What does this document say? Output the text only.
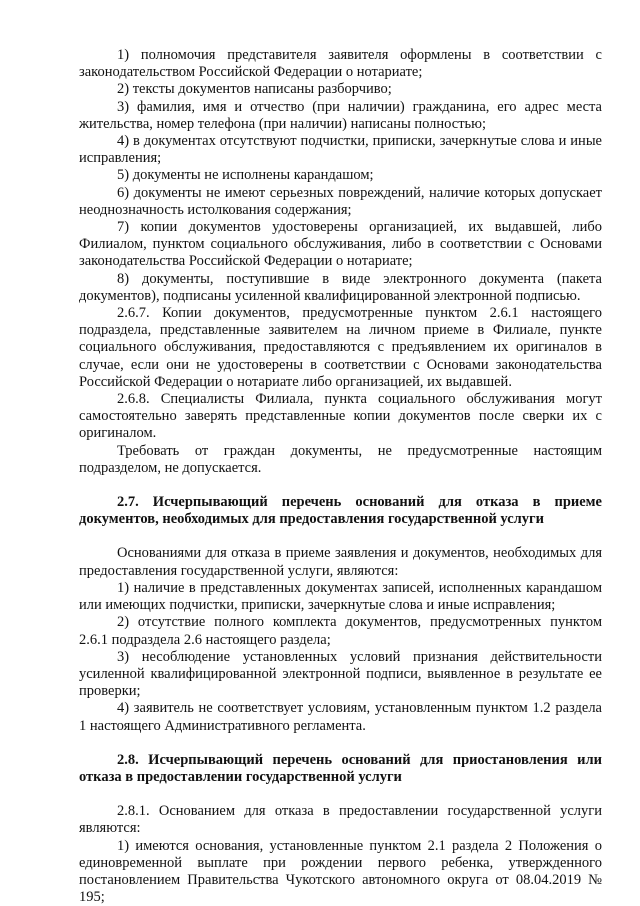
1) полномочия представителя заявителя оформлены в соответствии с законодательством Российской Федерации о нотариате;

2) тексты документов написаны разборчиво;

3) фамилия, имя и отчество (при наличии) гражданина, его адрес места жительства, номер телефона (при наличии) написаны полностью;

4) в документах отсутствуют подчистки, приписки, зачеркнутые слова и иные исправления;

5) документы не исполнены карандашом;

6) документы не имеют серьезных повреждений, наличие которых допускает неоднозначность истолкования содержания;

7) копии документов удостоверены организацией, их выдавшей, либо Филиалом, пунктом социального обслуживания, либо в соответствии с Основами законодательства Российской Федерации о нотариате;

8) документы, поступившие в виде электронного документа (пакета документов), подписаны усиленной квалифицированной электронной подписью.

2.6.7. Копии документов, предусмотренные пунктом 2.6.1 настоящего подраздела, представленные заявителем на личном приеме в Филиале, пункте социального обслуживания, предоставляются с предъявлением их оригиналов в случае, если они не удостоверены в соответствии с Основами законодательства Российской Федерации о нотариате либо организацией, их выдавшей.

2.6.8. Специалисты Филиала, пункта социального обслуживания могут самостоятельно заверять представленные копии документов после сверки их с оригиналом.

Требовать от граждан документы, не предусмотренные настоящим подразделом, не допускается.

2.7. Исчерпывающий перечень оснований для отказа в приеме документов, необходимых для предоставления государственной услуги

Основаниями для отказа в приеме заявления и документов, необходимых для предоставления государственной услуги, являются:

1) наличие в представленных документах записей, исполненных карандашом или имеющих подчистки, приписки, зачеркнутые слова и иные исправления;

2) отсутствие полного комплекта документов, предусмотренных пунктом 2.6.1 подраздела 2.6 настоящего раздела;

3) несоблюдение установленных условий признания действительности усиленной квалифицированной электронной подписи, выявленное в результате ее проверки;

4) заявитель не соответствует условиям, установленным пунктом 1.2 раздела 1 настоящего Административного регламента.

2.8. Исчерпывающий перечень оснований для приостановления или отказа в предоставлении государственной услуги

2.8.1. Основанием для отказа в предоставлении государственной услуги являются:

1) имеются основания, установленные пунктом 2.1 раздела 2 Положения о единовременной выплате при рождении первого ребенка, утвержденного постановлением Правительства Чукотского автономного округа от 08.04.2019 № 195;
